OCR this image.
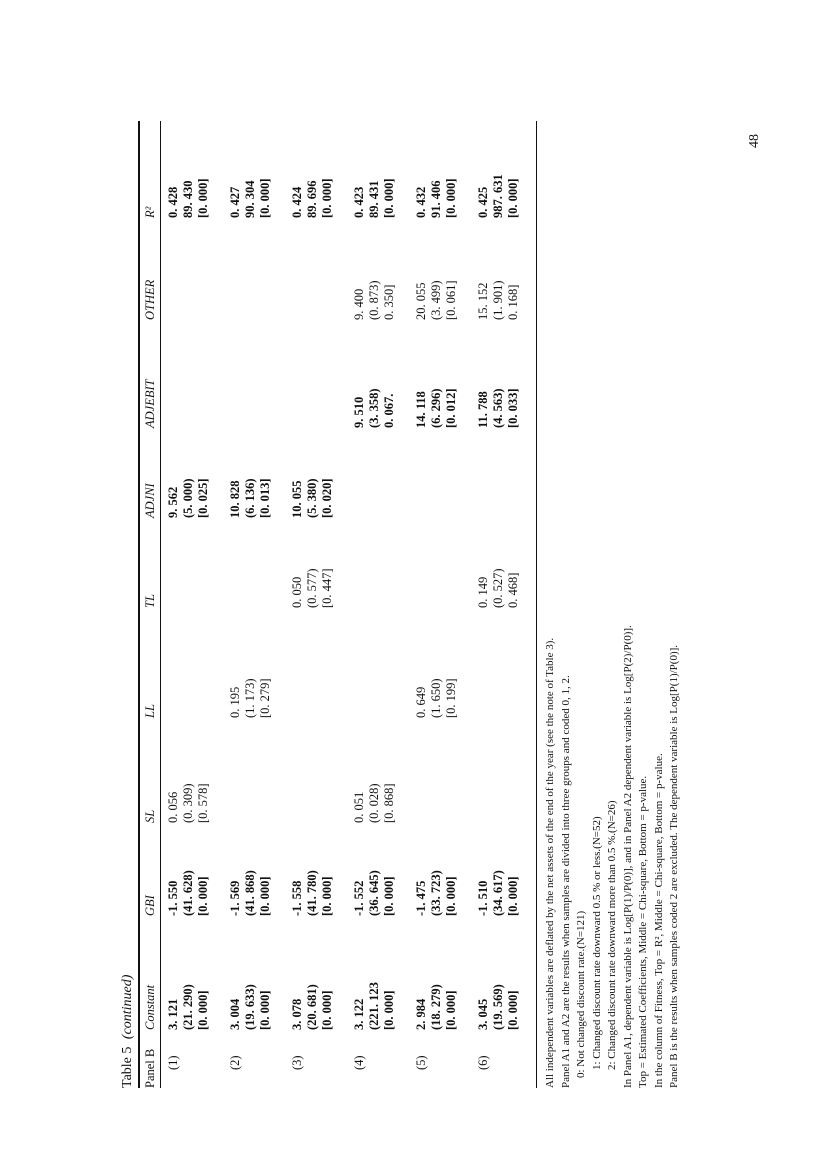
48
Table 5 (continued)
Panel B
Constant
GBI
SL
LL
TL
ADJNI
ADJEBIT
OTHER
R²
(1)
3. 121
-1. 550
0. 056
9. 562
0. 428
(21. 290)
(41. 628)
(0. 309)
(5. 000)
89. 430
[0. 000]
[0. 000]
[0. 578]
[0. 025]
[0. 000]
(2)
3. 004
-1. 569
0. 195
10. 828
0. 427
(19. 633)
(41. 868)
(1. 173)
(6. 136)
90. 304
[0. 000]
[0. 000]
[0. 279]
[0. 013]
[0. 000]
(3)
3. 078
-1. 558
0. 050
10. 055
0. 424
(20. 681)
(41. 780)
(0. 577)
(5. 380)
89. 696
[0. 000]
[0. 000]
[0. 447]
[0. 020]
[0. 000]
(4)
3. 122
-1. 552
0. 051
9. 510
9. 400
0. 423
(221. 123
(36. 645)
(0. 028)
(3. 358)
(0. 873)
89. 431
[0. 000]
[0. 000]
[0. 868]
0. 067.
0. 350]
[0. 000]
(5)
2. 984
-1. 475
0. 649
14. 118
20. 055
0. 432
(18. 279)
(33. 723)
(1. 650)
(6. 296)
(3. 499)
91. 406
[0. 000]
[0. 000]
[0. 199]
[0. 012]
[0. 061]
[0. 000]
(6)
3. 045
-1. 510
0. 149
11. 788
15. 152
0. 425
(19. 569)
(34. 617)
(0. 527)
(4. 563)
(1. 901)
987. 631
[0. 000]
[0. 000]
0. 468]
[0. 033]
0. 168]
[0. 000]
All independent variables are deflated by the net assets of the end of the year (see the note of Table 3). Panel A1 and A2 are the results when samples are divided into three groups and coded 0, 1, 2. 0: Not changed discount rate.(N=121) 1: Changed discount rate downward 0.5 % or less.(N=52) 2: Changed discount rate downward more than 0.5 %.(N=26) In Panel A1, dependent variable is Log[P(1)/P(0)], and in Panel A2 dependent variable is Log[P(2)/P(0)]. Top = Estimated Coefficients, Middle = Chi-square, Bottom = p-value. In the column of Fitness, Top = R², Middle = Chi-square, Bottom = p-value. Panel B is the results when samples coded 2 are excluded. The dependent variable is Log[P(1)/P(0)].
